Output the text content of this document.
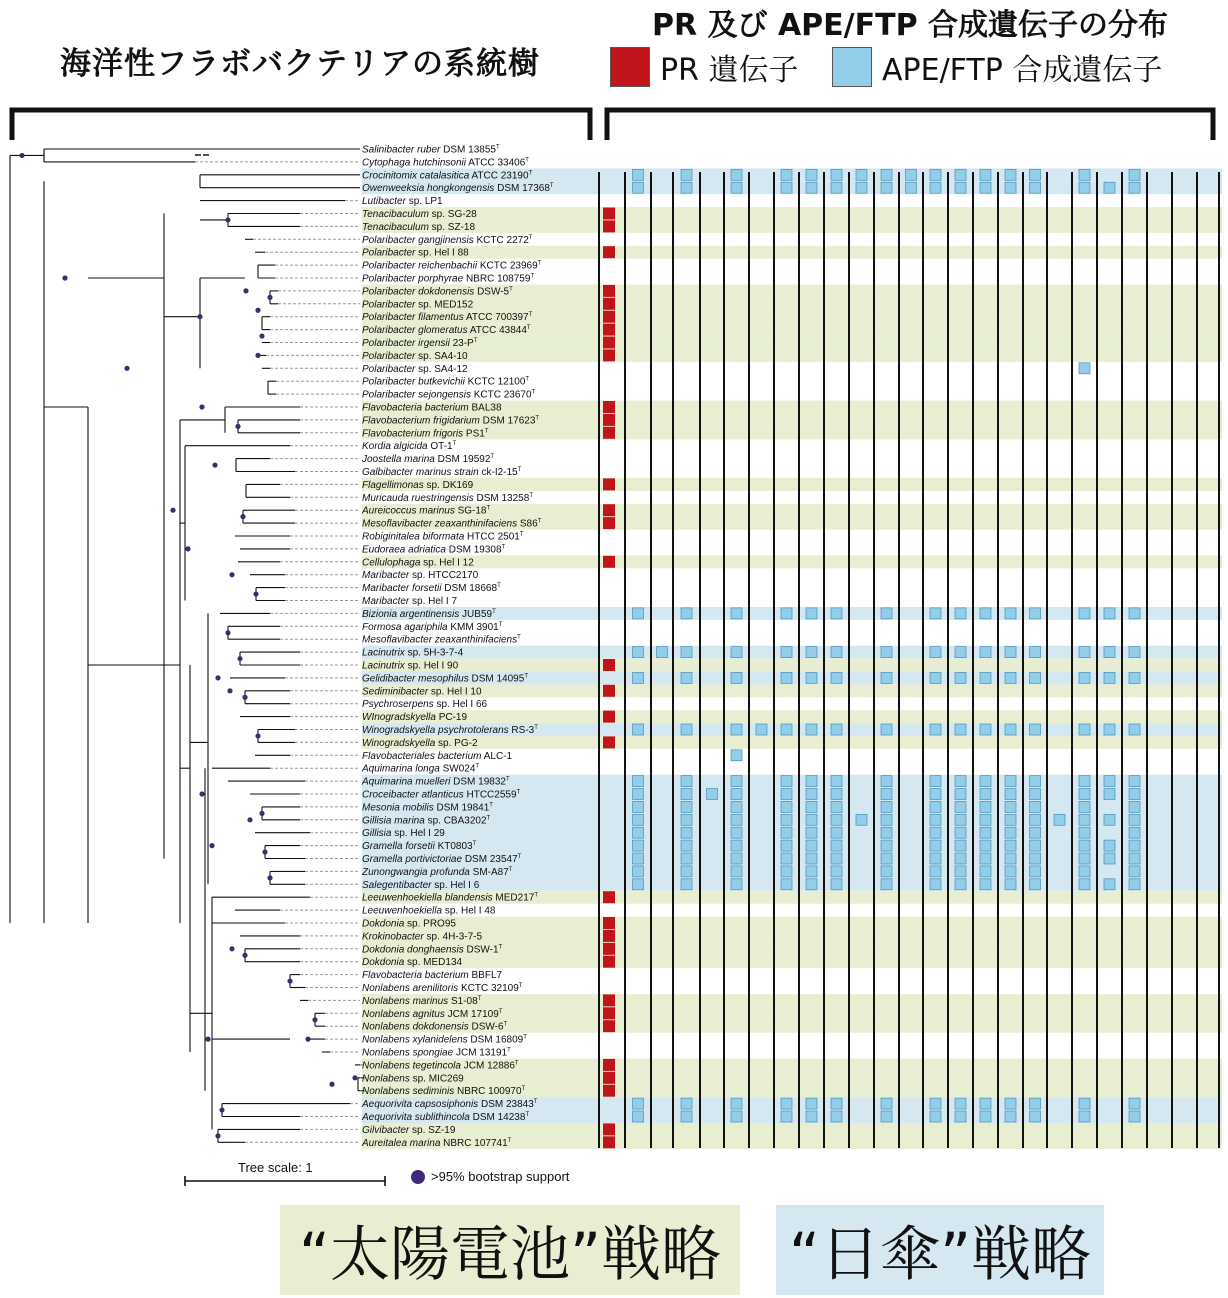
海洋性フラボバクテリアの系統樹
PR 及び APE/FTP 合成遺伝子の分布
PR 遺伝子	APE/FTP 合成遺伝子
Salinibacter ruber DSM $13855^T$
Cytophaga hutchinsonii ATCC $33406^T$
Crocinitomix catalasitica ATCC $23190^T$
Owenweeksia hongkongensis DSM $17368^T$
Lutibacter sp. LP1
Tenacibaculum sp. SG-28
Tenacibaculum sp. SZ-18
Polaribacter gangjinensis KCTC $2272^T$
Polaribacter sp. Hel I 88
Polaribacter reichenbachii KCTC $23969^T$
Polaribacter porphyrae NBRC $108759^T$
Polaribacter dokdonensis DSW-$5^T$
Polaribacter sp. MED152
Polaribacter filamentus ATCC $700397^T$
Polaribacter glomeratus ATCC $43844^T$
Polaribacter irgensii $23-P^T$
Polaribacter sp. SA4-10
Polaribacter sp. SA4-12
Polaribacter butkevichii KCTC $12100^T$
Polaribacter sejongensis KCTC $23670^T$
Flavobacteria bacterium BAL38
Flavobacterium frigidarium DSM $17623^T$
Flavobacterium frigoris $PS1^T$
Kordia algicida $OT-1^T$
Joostella marina DSM $19592^T$
Galbibacter marinus strain $ck-I2-15^T$
Flagellimonas sp. DK169
Muricauda ruestringensis DSM $13258^T$
Aureicoccus marinus $SG-18^T$
Mesoflavibacter zeaxanthinifaciens $S86^T$
Robiginitalea biformata HTCC $2501^T$
Eudoraea adriatica DSM $19308^T$
Cellulophaga sp. Hel I 12
Maribacter sp. HTCC2170
Maribacter forsetii DSM $18668^T$
Maribacter sp. Hel I 7
Bizionia argentinensis $JUB59^T$
Formosa agariphila KMM $3901^T$
Mesoflavibacter zeaxanthinifaciens$^T$
Lacinutrix sp. 5H-3-7-4
Lacinutrix sp. Hel I 90
Gelidibacter mesophilus DSM $14095^T$
Sediminibacter sp. Hel I 10
Psychroserpens sp. Hel I 66
WInogradskyella PC-19
Winogradskyella psychrotolerans $RS-3^T$
Winogradskyella sp. PG-2
Flavobacteriales bacterium ALC-1
Aquimarina longa $SW024^T$
Aquimarina muelleri DSM $19832^T$
Croceibacter atlanticus $HTCC2559^T$
Mesonia mobilis DSM $19841^T$
Gillisia marina sp. $CBA3202^T$
Gillisia sp. Hel I 29
Gramella forsetii $KT0803^T$
Gramella portivictoriae DSM $23547^T$
Zunongwangia profunda $SM-A87^T$
Salegentibacter sp. Hel I 6
Leeuwenhoekiella blandensis $MED217^T$
Leeuwenhoekiella sp. Hel I 48
Dokdonia sp. PRO95
Krokinobacter sp. 4H-3-7-5
Dokdonia donghaensis DSW-$1^T$
Dokdonia sp. MED134
Flavobacteria bacterium BBFL7
Nonlabens arenilitoris KCTC $32109^T$
Nonlabens marinus $S1-08^T$
Nonlabens agnitus JCM $17109^T$
Nonlabens dokdonensis DSW-$6^T$
Nonlabens xylanidelens DSM $16809^T$
Nonlabens spongiae JCM $13191^T$
Nonlabens tegetincola JCM $12886^T$
Nonlabens sp. MIC269
Nonlabens sediminis NBRC $100970^T$
Aequorivita capsosiphonis DSM $23843^T$
Aequorivita sublithincola DSM $14238^T$
Gilvibacter sp. SZ-19
Aureitalea marina NBRC $107741^T$
Tree scale: 1
>95% bootstrap support
“太陽電池”戦略	“日傘”戦略
